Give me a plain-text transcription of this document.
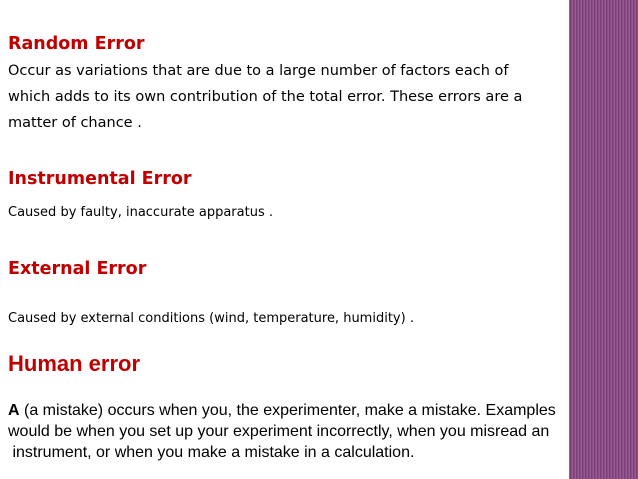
Random Error

Occur as variations that are due to a large number of factors each of

which adds to its own contribution of the total error. These errors are a

matter of chance .

Instrumental Error

Caused by faulty, inaccurate apparatus .

External Error

Caused by external conditions (wind, temperature, humidity) .

Human error

A (a mistake) occurs when you, the experimenter, make a mistake. Examples

would be when you set up your experiment incorrectly, when you misread an

instrument, or when you make a mistake in a calculation.
